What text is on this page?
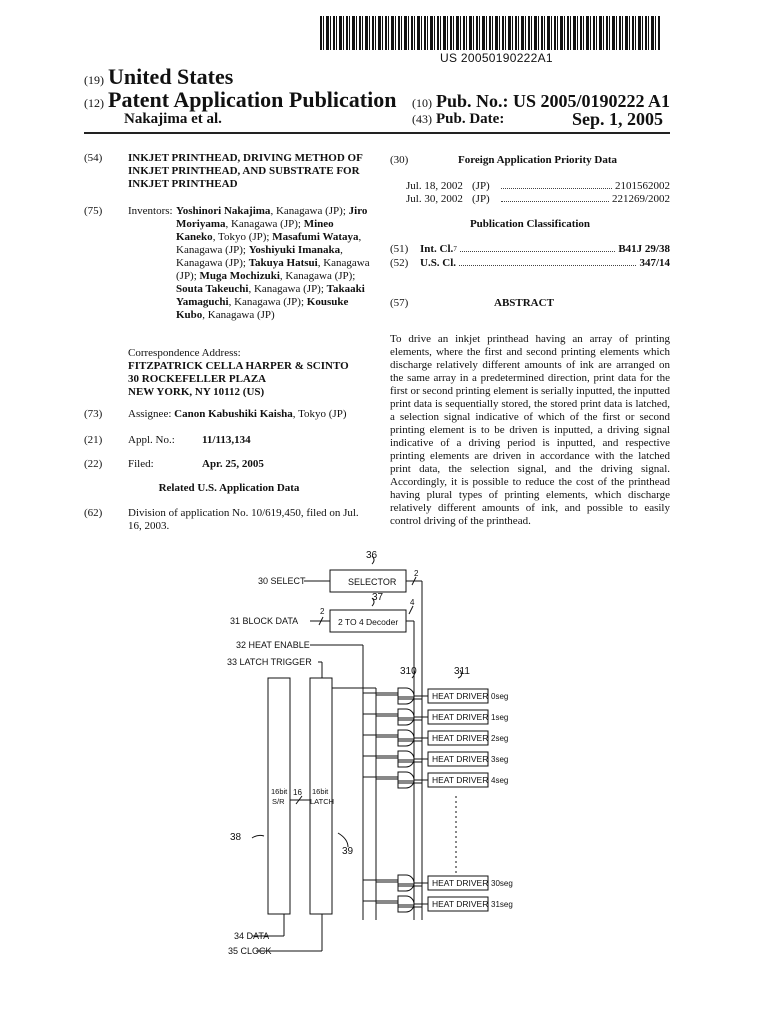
US 20050190222A1
(19) United States
(12) Patent Application Publication (10) Pub. No.: US 2005/0190222 A1
Nakajima et al.	(43) Pub. Date:	Sep. 1, 2005
(54)	INKJET PRINTHEAD, DRIVING METHOD OF INKJET PRINTHEAD, AND SUBSTRATE FOR INKJET PRINTHEAD
(75)	Inventors: Yoshinori Nakajima, Kanagawa (JP); Jiro Moriyama, Kanagawa (JP); Mineo Kaneko, Tokyo (JP); Masafumi Wataya, Kanagawa (JP); Yoshiyuki Imanaka, Kanagawa (JP); Takuya Hatsui, Kanagawa (JP); Muga Mochizuki, Kanagawa (JP); Souta Takeuchi, Kanagawa (JP); Takaaki Yamaguchi, Kanagawa (JP); Kousuke Kubo, Kanagawa (JP)
Correspondence Address:
FITZPATRICK CELLA HARPER & SCINTO
30 ROCKEFELLER PLAZA
NEW YORK, NY 10112 (US)
(73) Assignee: Canon Kabushiki Kaisha, Tokyo (JP)
(21) Appl. No.: 11/113,134
(22) Filed:	Apr. 25, 2005
Related U.S. Application Data
(62)	Division of application No. 10/619,450, filed on Jul. 16, 2003.
(30)	Foreign Application Priority Data
Jul. 18, 2002 (JP)	2101562002
Jul. 30, 2002 (JP)	221269/2002
Publication Classification
(51)	Int. Cl. 7	B41J 29/38
(52)	U.S. Cl.	347/14
(57)	ABSTRACT
To drive an inkjet printhead having an array of printing elements, where the first and second printing elements which discharge relatively different amounts of ink are arranged on the same array in a predetermined direction, print data for the first or second printing element is serially inputted, the inputted print data is sequentially stored, the stored print data is latched, a selection signal indicative of which of the first or second printing element is to be driven is inputted, a driving signal indicative of a driving period is inputted, and respective printing elements are driven in accordance with the latched print data, the selection signal, and the driving signal. Accordingly, it is possible to reduce the cost of the printhead having plural types of printing elements, which discharge relatively different amounts of ink, and possible to easily control driving of the printhead.
30 SELECT
31 BLOCK DATA
32 HEAT ENABLE
33 LATCH TRIGGER
34 DATA
35 CLOCK
SELECTOR
2 TO 4 Decoder
36
37
310	311
38
39
2
2
4
16
16bit
S/R
16bit
LATCH
HEAT DRIVER 0seg
HEAT DRIVER 1seg
HEAT DRIVER 2seg
HEAT DRIVER 3seg
HEAT DRIVER 4seg
HEAT DRIVER 30seg
HEAT DRIVER 31seg
